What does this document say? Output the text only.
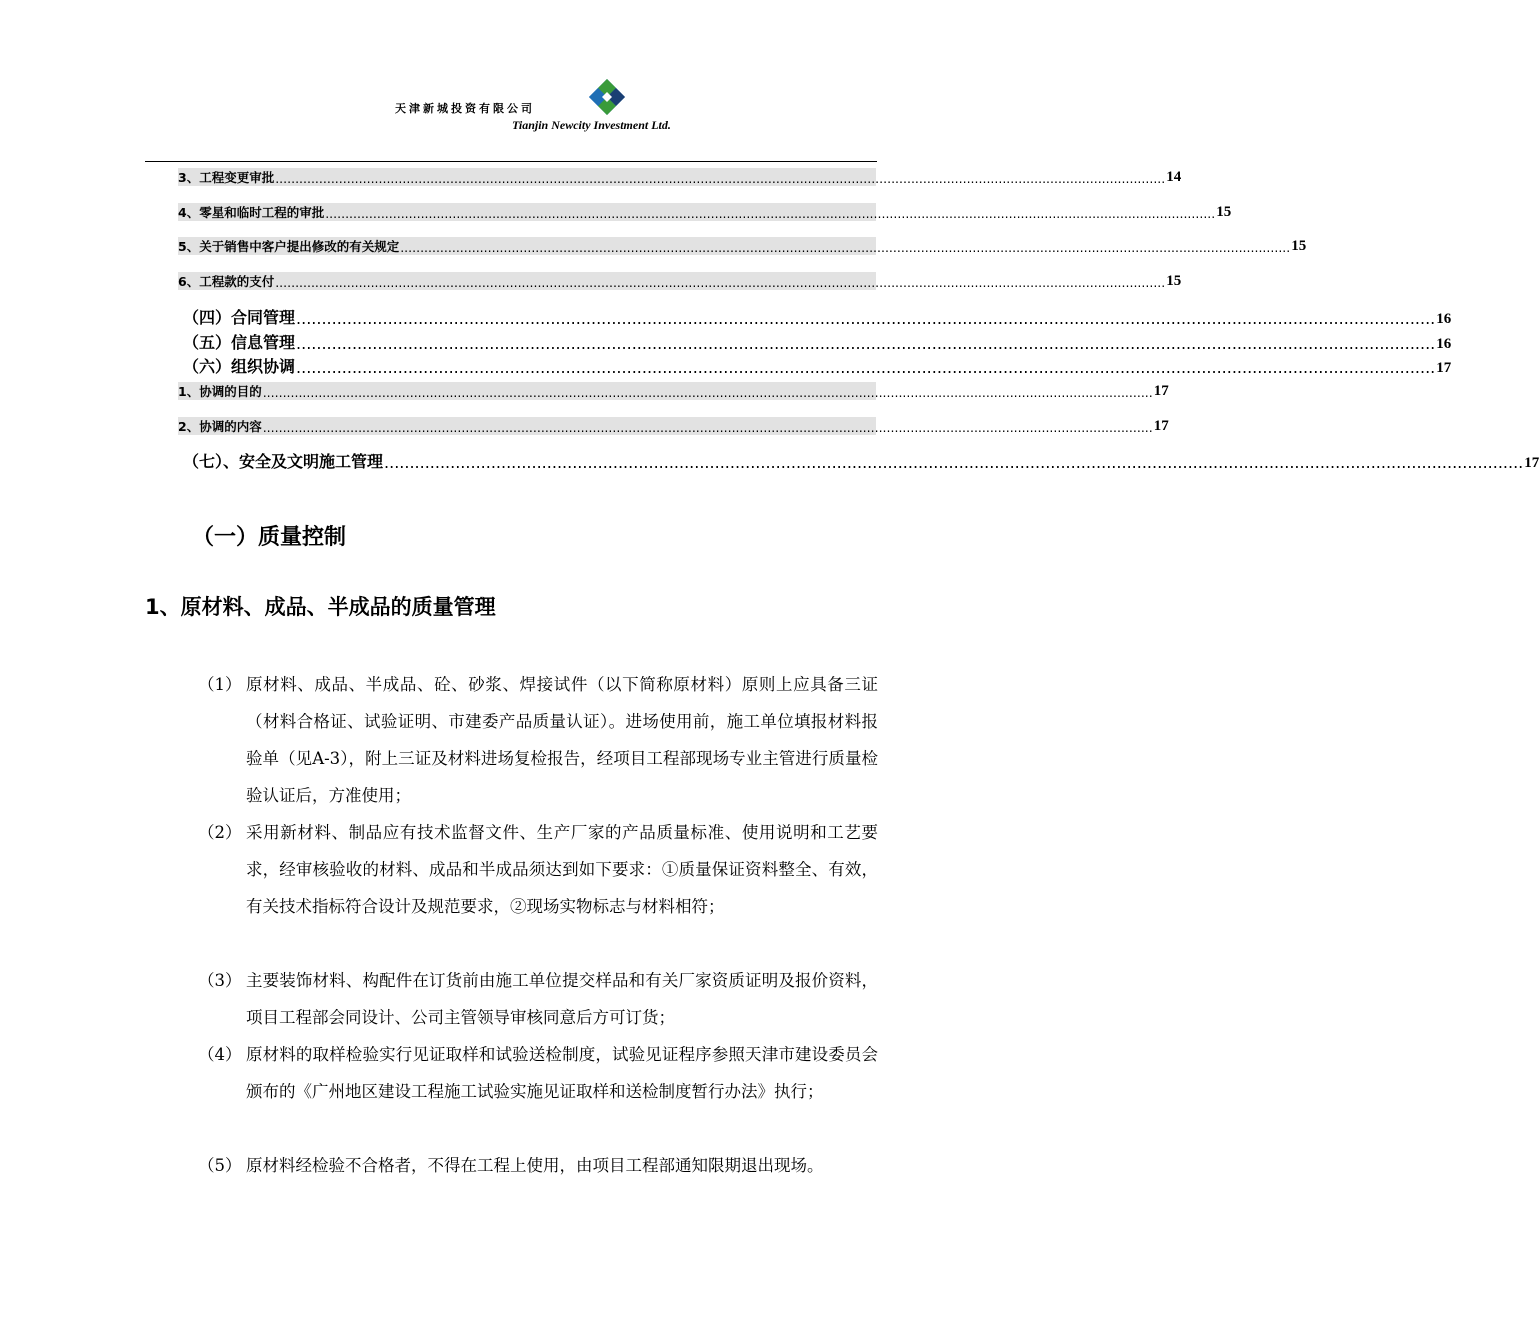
天津新城投资有限公司
Tianjin Newcity Investment Ltd.
3、工程变更审批 ................................................................................................................................................................................................................................ 14
4、零星和临时工程的审批 ................................................................................................................................................................................................................................ 15
5、关于销售中客户提出修改的有关规定 ................................................................................................................................................................................................................................ 15
6、工程款的支付 ................................................................................................................................................................................................................................ 15
（四）合同管理 ................................................................................................................................................................................................................................ 16
（五）信息管理 ................................................................................................................................................................................................................................ 16
（六）组织协调 ................................................................................................................................................................................................................................ 17
1、协调的目的 ................................................................................................................................................................................................................................ 17
2、协调的内容 ................................................................................................................................................................................................................................ 17
（七）、安全及文明施工管理 ................................................................................................................................................................................................................................ 17
（一）质量控制
1、原材料、成品、半成品的质量管理
（1） 原材料、成品、半成品、砼、砂浆、焊接试件（以下简称原材料）原则上应具备三证（材料合格证、试验证明、市建委产品质量认证）。进场使用前，施工单位填报材料报验单（见A-3），附上三证及材料进场复检报告，经项目工程部现场专业主管进行质量检验认证后，方准使用；
（2） 采用新材料、制品应有技术监督文件、生产厂家的产品质量标准、使用说明和工艺要求，经审核验收的材料、成品和半成品须达到如下要求：①质量保证资料整全、有效，有关技术指标符合设计及规范要求，②现场实物标志与材料相符；
（3） 主要装饰材料、构配件在订货前由施工单位提交样品和有关厂家资质证明及报价资料，项目工程部会同设计、公司主管领导审核同意后方可订货；
（4） 原材料的取样检验实行见证取样和试验送检制度，试验见证程序参照天津市建设委员会颁布的《广州地区建设工程施工试验实施见证取样和送检制度暂行办法》执行；
（5） 原材料经检验不合格者，不得在工程上使用，由项目工程部通知限期退出现场。
